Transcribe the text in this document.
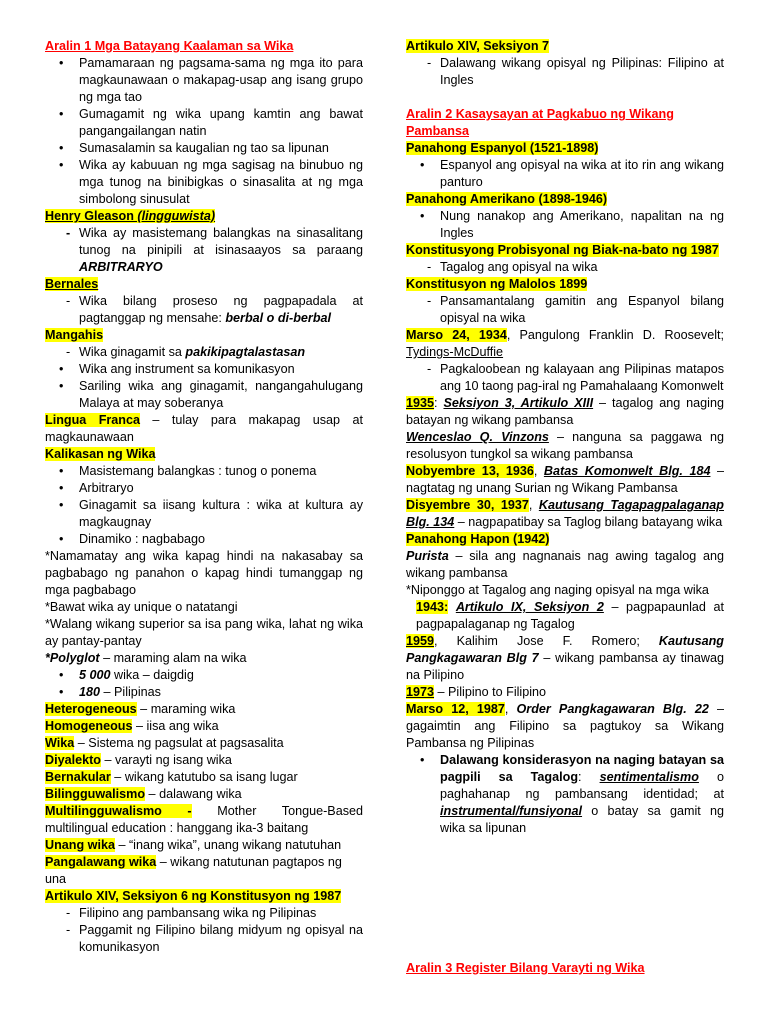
Aralin 1 Mga Batayang Kaalaman sa Wika

• Pamamaraan ng pagsama-sama ng mga ito para magkaunawaan o makapag-usap ang isang grupo ng mga tao
• Gumagamit ng wika upang kamtin ang bawat pangangailangan natin
• Sumasalamin sa kaugalian ng tao sa lipunan
• Wika ay kabuuan ng mga sagisag na binubuo ng mga tunog na binibigkas o sinasalita at ng mga simbolong sinusulat

Henry Gleason (lingguwista)

- Wika ay masistemang balangkas na sinasalitang tunog na pinipili at isinasaayos sa paraang ARBITRARYO

Bernales

- Wika bilang proseso ng pagpapadala at pagtanggap ng mensahe: berbal o di-berbal

Mangahis

- Wika ginagamit sa pakikipagtalastasan
• Wika ang instrument sa komunikasyon
• Sariling wika ang ginagamit, nangangahulugang Malaya at may soberanya

Lingua Franca – tulay para makapag usap at magkaunawaan

Kalikasan ng Wika

• Masistemang balangkas : tunog o ponema
• Arbitraryo
• Ginagamit sa iisang kultura : wika at kultura ay magkaugnay
• Dinamiko : nagbabago

*Namamatay ang wika kapag hindi na nakasabay sa pagbabago ng panahon o kapag hindi tumanggap ng mga pagbabago

*Bawat wika ay unique o natatangi

*Walang wikang superior sa isa pang wika, lahat ng wika ay pantay-pantay

*Polyglot – maraming alam na wika

• 5 000 wika – daigdig
• 180 – Pilipinas

Heterogeneous – maraming wika

Homogeneous – iisa ang wika

Wika – Sistema ng pagsulat at pagsasalita

Diyalekto – varayti ng isang wika

Bernakular – wikang katutubo sa isang lugar

Bilingguwalismo – dalawang wika

Multilingguwalismo - Mother Tongue-Based multilingual education : hanggang ika-3 baitang

Unang wika – “inang wika”, unang wikang natutuhan

Pangalawang wika – wikang natutunan pagtapos ng una

Artikulo XIV, Seksiyon 6 ng Konstitusyon ng 1987

- Filipino ang pambansang wika ng Pilipinas
- Paggamit ng Filipino bilang midyum ng opisyal na komunikasyon

Artikulo XIV, Seksiyon 7

- Dalawang wikang opisyal ng Pilipinas: Filipino at Ingles

Aralin 2 Kasaysayan at Pagkabuo ng Wikang Pambansa

Panahong Espanyol (1521-1898)

• Espanyol ang opisyal na wika at ito rin ang wikang panturo

Panahong Amerikano (1898-1946)

• Nung nanakop ang Amerikano, napalitan na ng Ingles

Konstitusyong Probisyonal ng Biak-na-bato ng 1987

- Tagalog ang opisyal na wika

Konstitusyon ng Malolos 1899

- Pansamantalang gamitin ang Espanyol bilang opisyal na wika

Marso 24, 1934, Pangulong Franklin D. Roosevelt; Tydings-McDuffie

- Pagkaloobean ng kalayaan ang Pilipinas matapos ang 10 taong pag-iral ng Pamahalaang Komonwelt

1935: Seksiyon 3, Artikulo XIII – tagalog ang naging batayan ng wikang pambansa

Wenceslao Q. Vinzons – nanguna sa paggawa ng resolusyon tungkol sa wikang pambansa

Nobyembre 13, 1936, Batas Komonwelt Blg. 184 – nagtatag ng unang Surian ng Wikang Pambansa

Disyembre 30, 1937, Kautusang Tagapagpalaganap Blg. 134 – nagpapatibay sa Taglog bilang batayang wika

Panahong Hapon (1942)

Purista – sila ang nagnanais nag awing tagalog ang wikang pambansa

*Niponggo at Tagalog ang naging opisyal na mga wika

1943: Artikulo IX, Seksiyon 2 – pagpapaunlad at pagpapalaganap ng Tagalog

1959, Kalihim Jose F. Romero; Kautusang Pangkagawaran Blg 7 – wikang pambansa ay tinawag na Pilipino

1973 – Pilipino to Filipino

Marso 12, 1987, Order Pangkagawaran Blg. 22 – gagaimtin ang Filipino sa pagtukoy sa Wikang Pambansa ng Pilipinas

• Dalawang konsiderasyon na naging batayan sa pagpili sa Tagalog: sentimentalismo o paghahanap ng pambansang identidad; at instrumental/funsiyonal o batay sa gamit ng wika sa lipunan

Aralin 3 Register Bilang Varayti ng Wika
